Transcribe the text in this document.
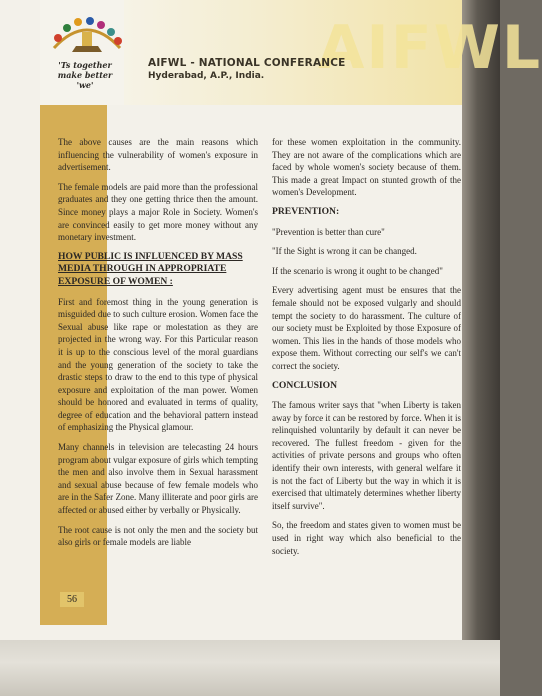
AIFWL
'Ts together
make better 'we'
AIFWL - NATIONAL CONFERANCE
Hyderabad, A.P., India.

The above causes are the main reasons which influencing the vulnerability of women's exposure in advertisement.

The female models are paid more than the professional graduates and they one getting thrice then the amount. Since money plays a major Role in Society. Women's are convinced easily to get more money without any monetary investment.

HOW PUBLIC IS INFLUENCED BY MASS MEDIA THROUGH IN APPROPRIATE EXPOSURE OF WOMEN :

First and foremost thing in the young generation is misguided due to such culture erosion. Women face the Sexual abuse like rape or molestation as they are projected in the wrong way. For this Particular reason it is up to the conscious level of the moral guardians and the young generation of the society to take the drastic steps to draw to the end to this type of physical exposure and exploitation of the man power. Women should be honored and evaluated in terms of quality, degree of education and the behavioral pattern instead of emphasizing the Physical glamour.

Many channels in television are telecasting 24 hours program about vulgar exposure of girls which tempting the men and also involve them in Sexual harassment and sexual abuse because of few female models who are in the Safer Zone. Many illiterate and poor girls are affected or abused either by verbally or Physically.

The root cause is not only the men and the society but also girls or female models are liable

for these women exploitation in the community. They are not aware of the complications which are faced by whole women's society because of them. This made a great Impact on stunted growth of the women's Development.

PREVENTION:

"Prevention is better than cure"

"If the Sight is wrong it can be changed.

If the scenario is wrong it ought to be changed"

Every advertising agent must be ensures that the female should not be exposed vulgarly and should tempt the society to do harassment. The culture of our society must be Exploited by those Exposure of women. This lies in the hands of those models who expose them. Without correcting our self's we can't correct the society.

CONCLUSION

The famous writer says that "when Liberty is taken away by force it can be restored by force. When it is relinquished voluntarily by default it can never be recovered. The fullest freedom - given for the activities of private persons and groups who often identify their own interests, with general welfare it is not the fact of Liberty but the way in which it is exercised that ultimately determines whether liberty itself survive".

So, the freedom and states given to women must be used in right way which also beneficial to the society.

56
